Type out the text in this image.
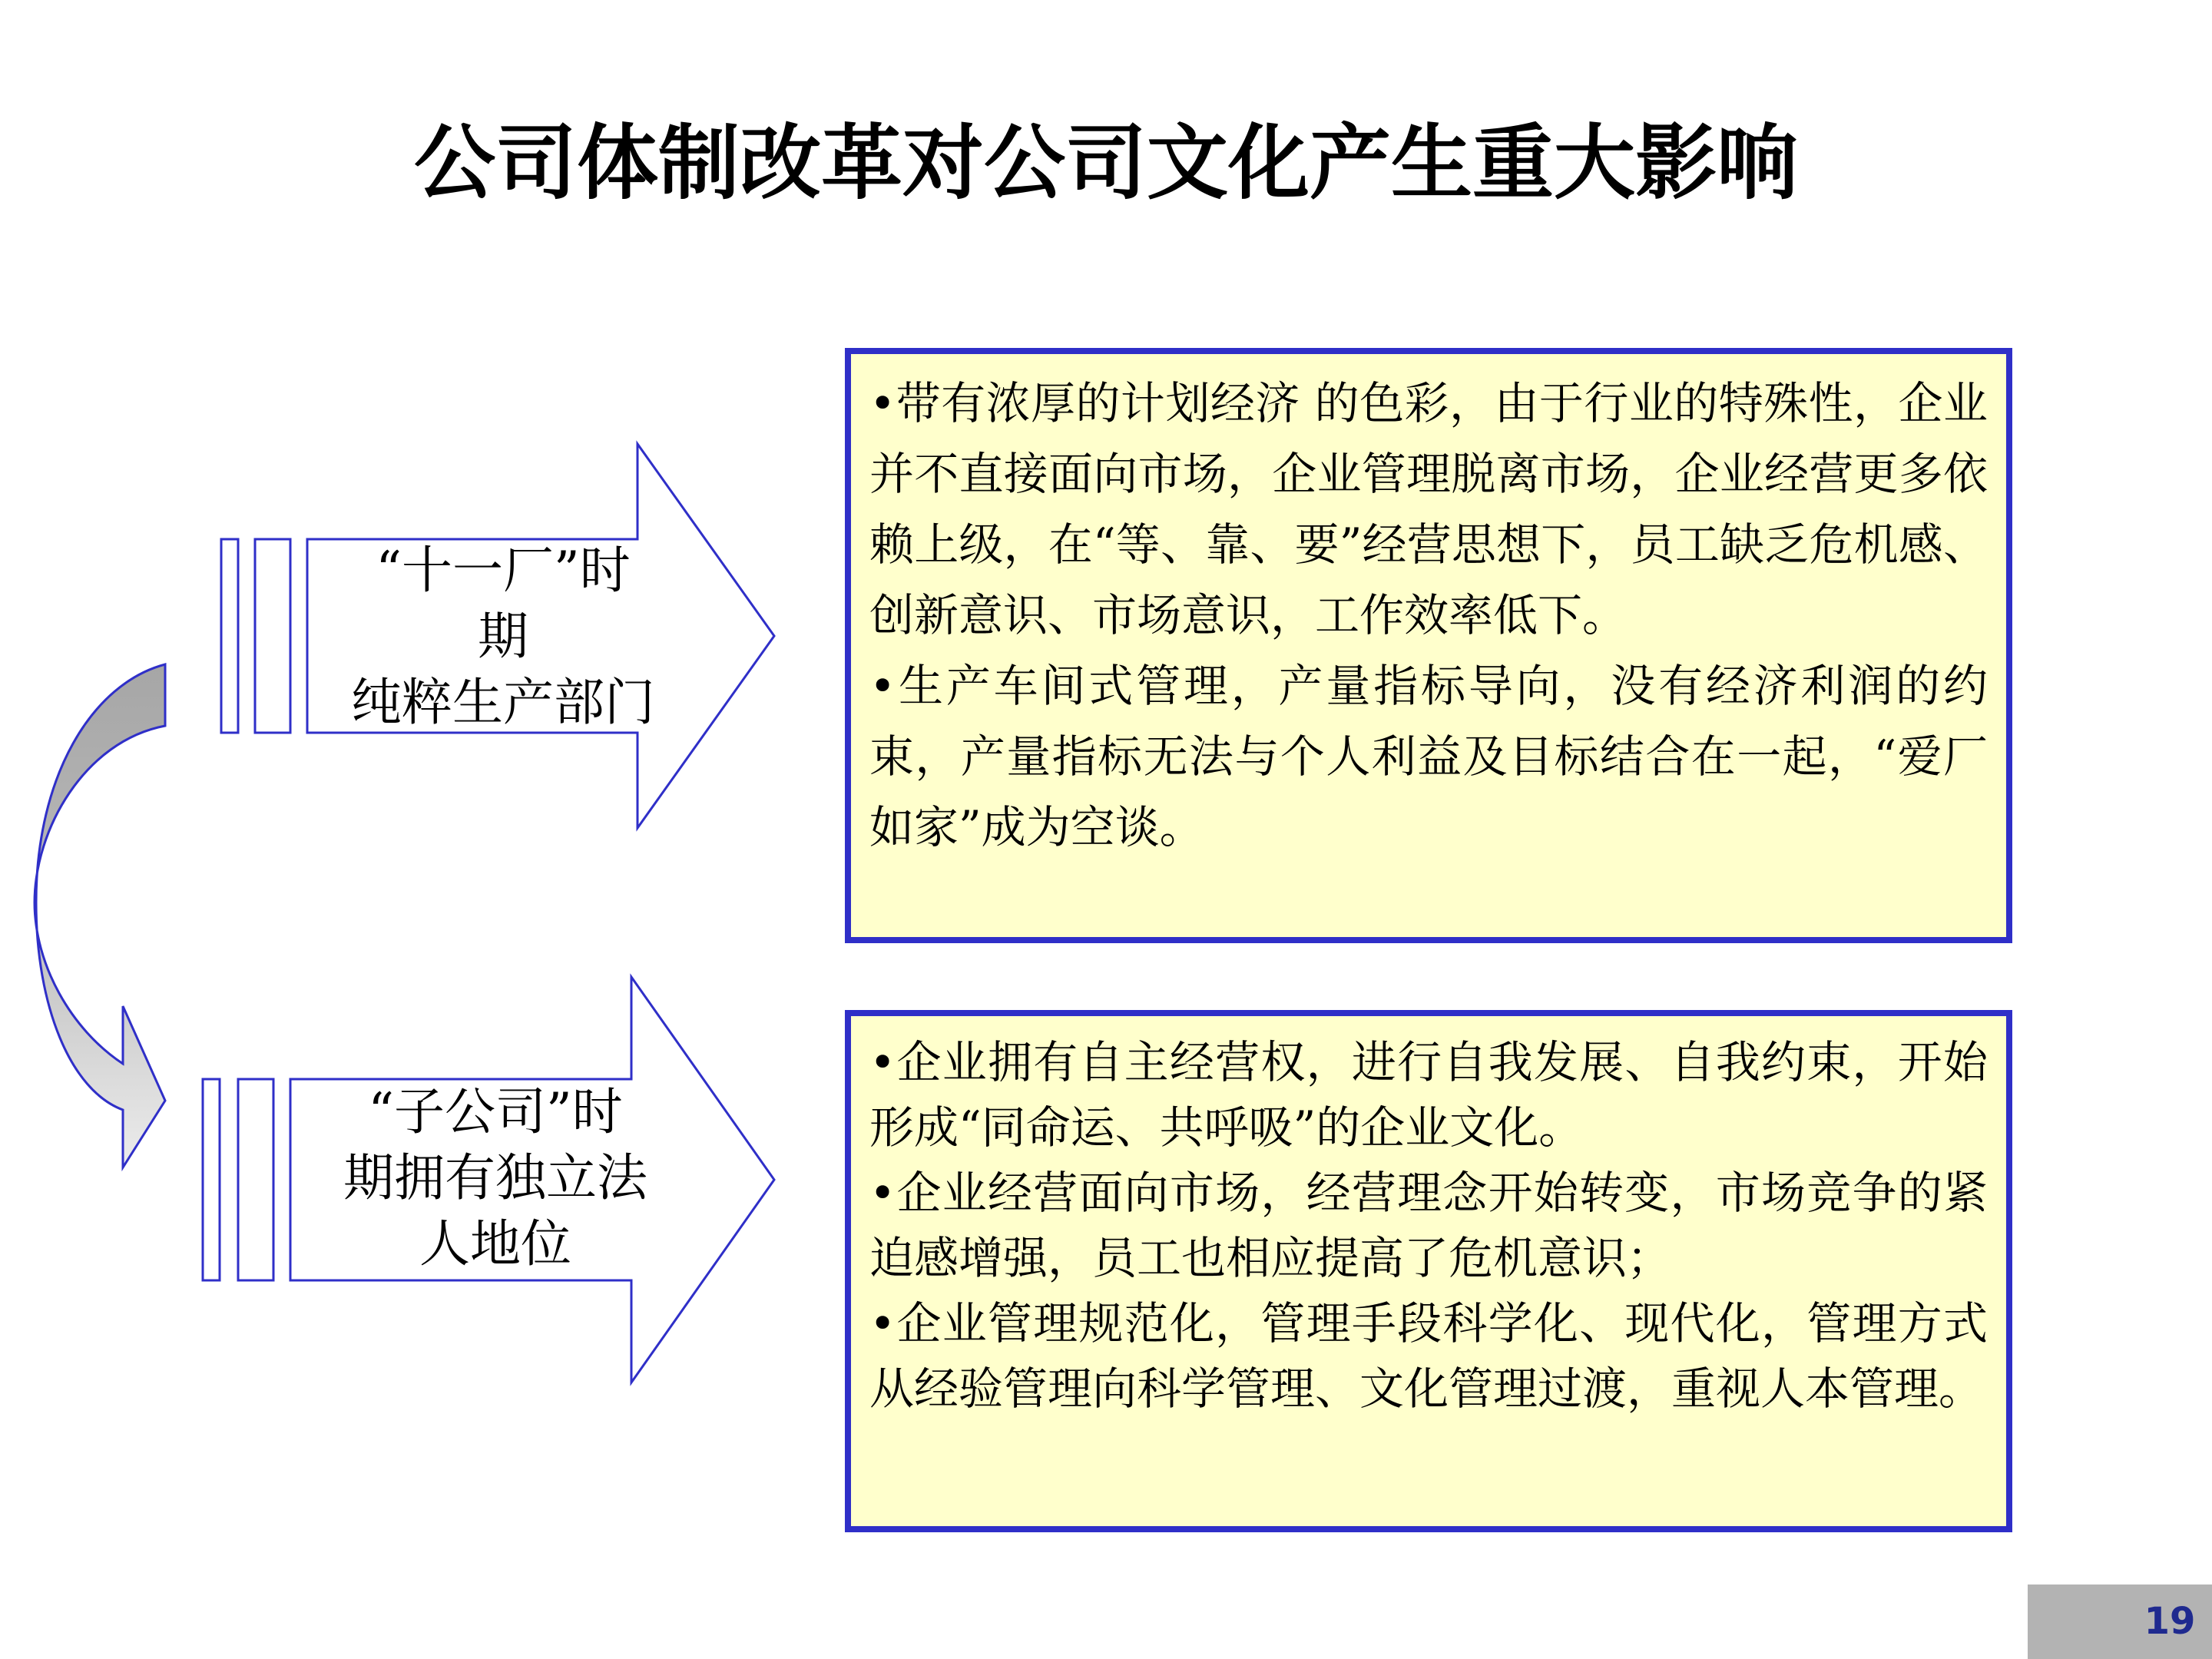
公司体制改革对公司文化产生重大影响
“十一厂”时
期
纯粹生产部门
“子公司”时
期拥有独立法
人地位

•带有浓厚的计划经济 的色彩，由于行业的特殊性，企业并不直接面向市场，企业管理脱离市场，企业经营更多依赖上级，在“等、靠、要”经营思想下，员工缺乏危机感、创新意识、市场意识，工作效率低下。

•生产车间式管理，产量指标导向，没有经济利润的约束，产量指标无法与个人利益及目标结合在一起，“爱厂如家”成为空谈。

•企业拥有自主经营权，进行自我发展、自我约束，开始形成“同命运、共呼吸”的企业文化。

•企业经营面向市场，经营理念开始转变，市场竞争的紧迫感增强，员工也相应提高了危机意识；

•企业管理规范化，管理手段科学化、现代化，管理方式从经验管理向科学管理、文化管理过渡，重视人本管理。

19
